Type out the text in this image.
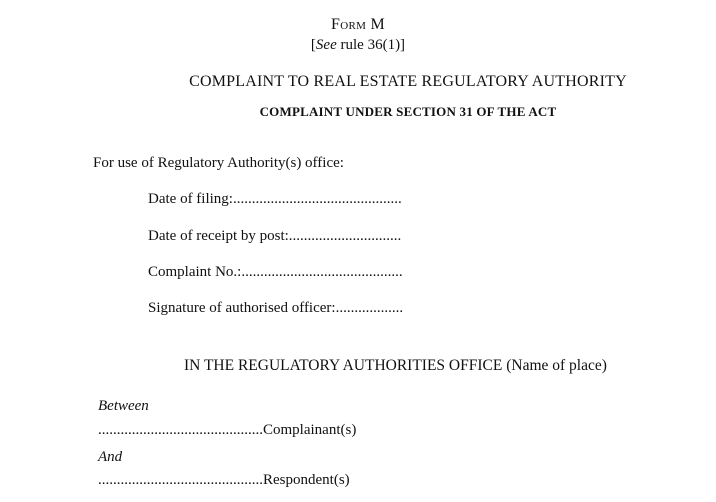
Form M
[See rule 36(1)]
COMPLAINT TO REAL ESTATE REGULATORY AUTHORITY
COMPLAINT UNDER SECTION 31 OF THE ACT
For use of Regulatory Authority(s) office:
Date of filing:.............................................
Date of receipt by post:..............................
Complaint No.:...........................................
Signature of authorised officer:..................
IN THE REGULATORY AUTHORITIES OFFICE (Name of place)
Between
............................................Complainant(s)
And
............................................Respondent(s)
